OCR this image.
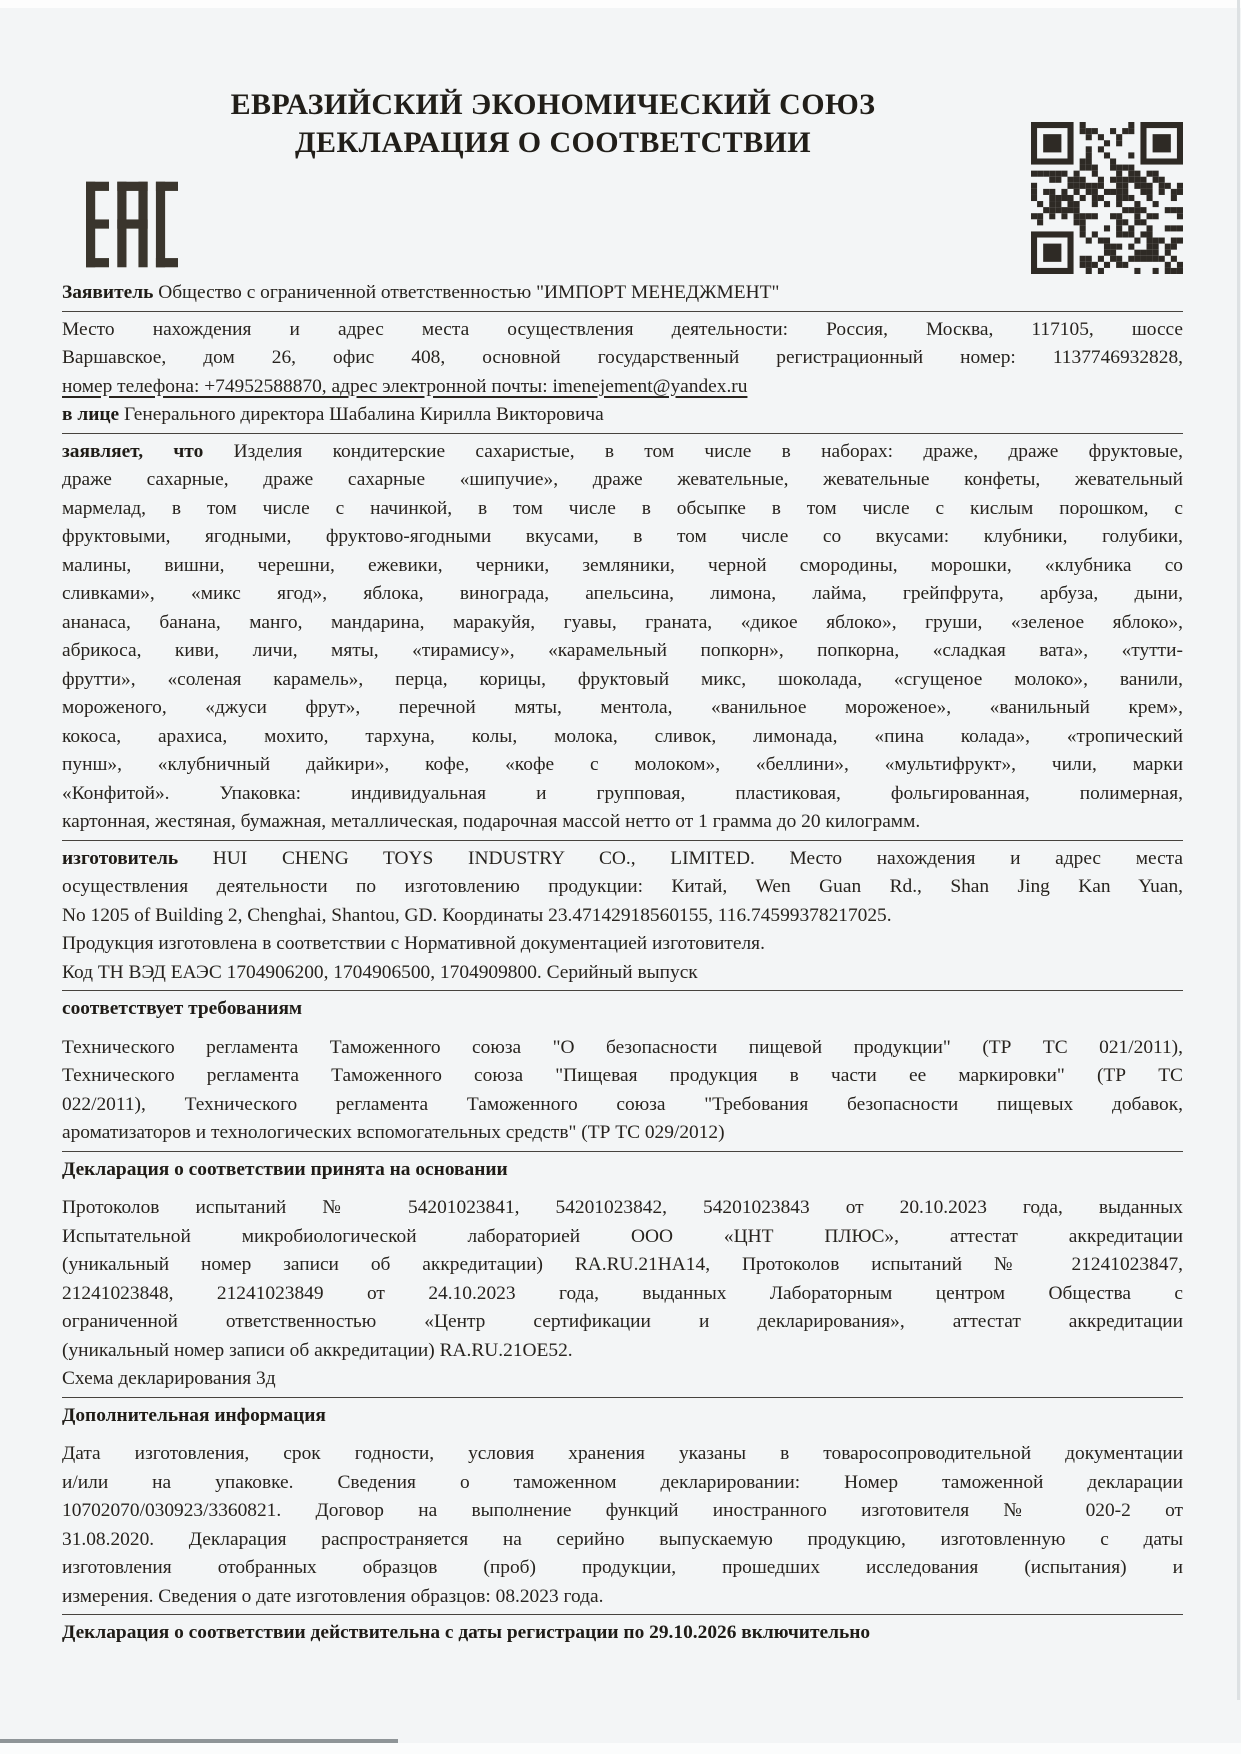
ЕВРАЗИЙСКИЙ ЭКОНОМИЧЕСКИЙ СОЮЗ
ДЕКЛАРАЦИЯ О СООТВЕТСТВИИ
Заявитель Общество с ограниченной ответственностью "ИМПОРТ МЕНЕДЖМЕНТ"
Место нахождения и адрес места осуществления деятельности: Россия, Москва, 117105, шоссе
Варшавское, дом 26, офис 408, основной государственный регистрационный номер: 1137746932828,
номер телефона: +74952588870, адрес электронной почты: imenejement@yandex.ru
в лице Генерального директора Шабалина Кирилла Викторовича
заявляет, что Изделия кондитерские сахаристые, в том числе в наборах: драже, драже фруктовые,
драже сахарные, драже сахарные «шипучие», драже жевательные, жевательные конфеты, жевательный
мармелад, в том числе с начинкой, в том числе в обсыпке в том числе с кислым порошком, с
фруктовыми, ягодными, фруктово-ягодными вкусами, в том числе со вкусами: клубники, голубики,
малины, вишни, черешни, ежевики, черники, земляники, черной смородины, морошки, «клубника со
сливками», «микс ягод», яблока, винограда, апельсина, лимона, лайма, грейпфрута, арбуза, дыни,
ананаса, банана, манго, мандарина, маракуйя, гуавы, граната, «дикое яблоко», груши, «зеленое яблоко»,
абрикоса, киви, личи, мяты, «тирамису», «карамельный попкорн», попкорна, «сладкая вата», «тутти-
фрутти», «соленая карамель», перца, корицы, фруктовый микс, шоколада, «сгущеное молоко», ванили,
мороженого, «джуси фрут», перечной мяты, ментола, «ванильное мороженое», «ванильный крем»,
кокоса, арахиса, мохито, тархуна, колы, молока, сливок, лимонада, «пина колада», «тропический
пунш», «клубничный дайкири», кофе, «кофе с молоком», «беллини», «мультифрукт», чили, марки
«Конфитой». Упаковка: индивидуальная и групповая, пластиковая, фольгированная, полимерная,
картонная, жестяная, бумажная, металлическая, подарочная массой нетто от 1 грамма до 20 килограмм.
изготовитель HUI CHENG TOYS INDUSTRY CO., LIMITED. Место нахождения и адрес места
осуществления деятельности по изготовлению продукции: Китай, Wen Guan Rd., Shan Jing Kan Yuan,
No 1205 of Building 2, Chenghai, Shantou, GD. Координаты 23.47142918560155, 116.74599378217025.
Продукция изготовлена в соответствии с Нормативной документацией изготовителя.
Код ТН ВЭД ЕАЭС 1704906200, 1704906500, 1704909800. Серийный выпуск
соответствует требованиям
Технического регламента Таможенного союза "О безопасности пищевой продукции" (ТР ТС 021/2011),
Технического регламента Таможенного союза "Пищевая продукция в части ее маркировки" (ТР ТС
022/2011), Технического регламента Таможенного союза "Требования безопасности пищевых добавок,
ароматизаторов и технологических вспомогательных средств" (ТР ТС 029/2012)
Декларация о соответствии принята на основании
Протоколов испытаний № 54201023841, 54201023842, 54201023843 от 20.10.2023 года, выданных
Испытательной микробиологической лабораторией ООО «ЦНТ ПЛЮС», аттестат аккредитации
(уникальный номер записи об аккредитации) RA.RU.21HA14, Протоколов испытаний № 21241023847,
21241023848, 21241023849 от 24.10.2023 года, выданных Лабораторным центром Общества с
ограниченной ответственностью «Центр сертификации и декларирования», аттестат аккредитации
(уникальный номер записи об аккредитации) RA.RU.21OE52.
Схема декларирования 3д
Дополнительная информация
Дата изготовления, срок годности, условия хранения указаны в товаросопроводительной документации
и/или на упаковке. Сведения о таможенном декларировании: Номер таможенной декларации
10702070/030923/3360821. Договор на выполнение функций иностранного изготовителя № 020-2 от
31.08.2020. Декларация распространяется на серийно выпускаемую продукцию, изготовленную с даты
изготовления отобранных образцов (проб) продукции, прошедших исследования (испытания) и
измерения. Сведения о дате изготовления образцов: 08.2023 года.
Декларация о соответствии действительна с даты регистрации по 29.10.2026 включительно
